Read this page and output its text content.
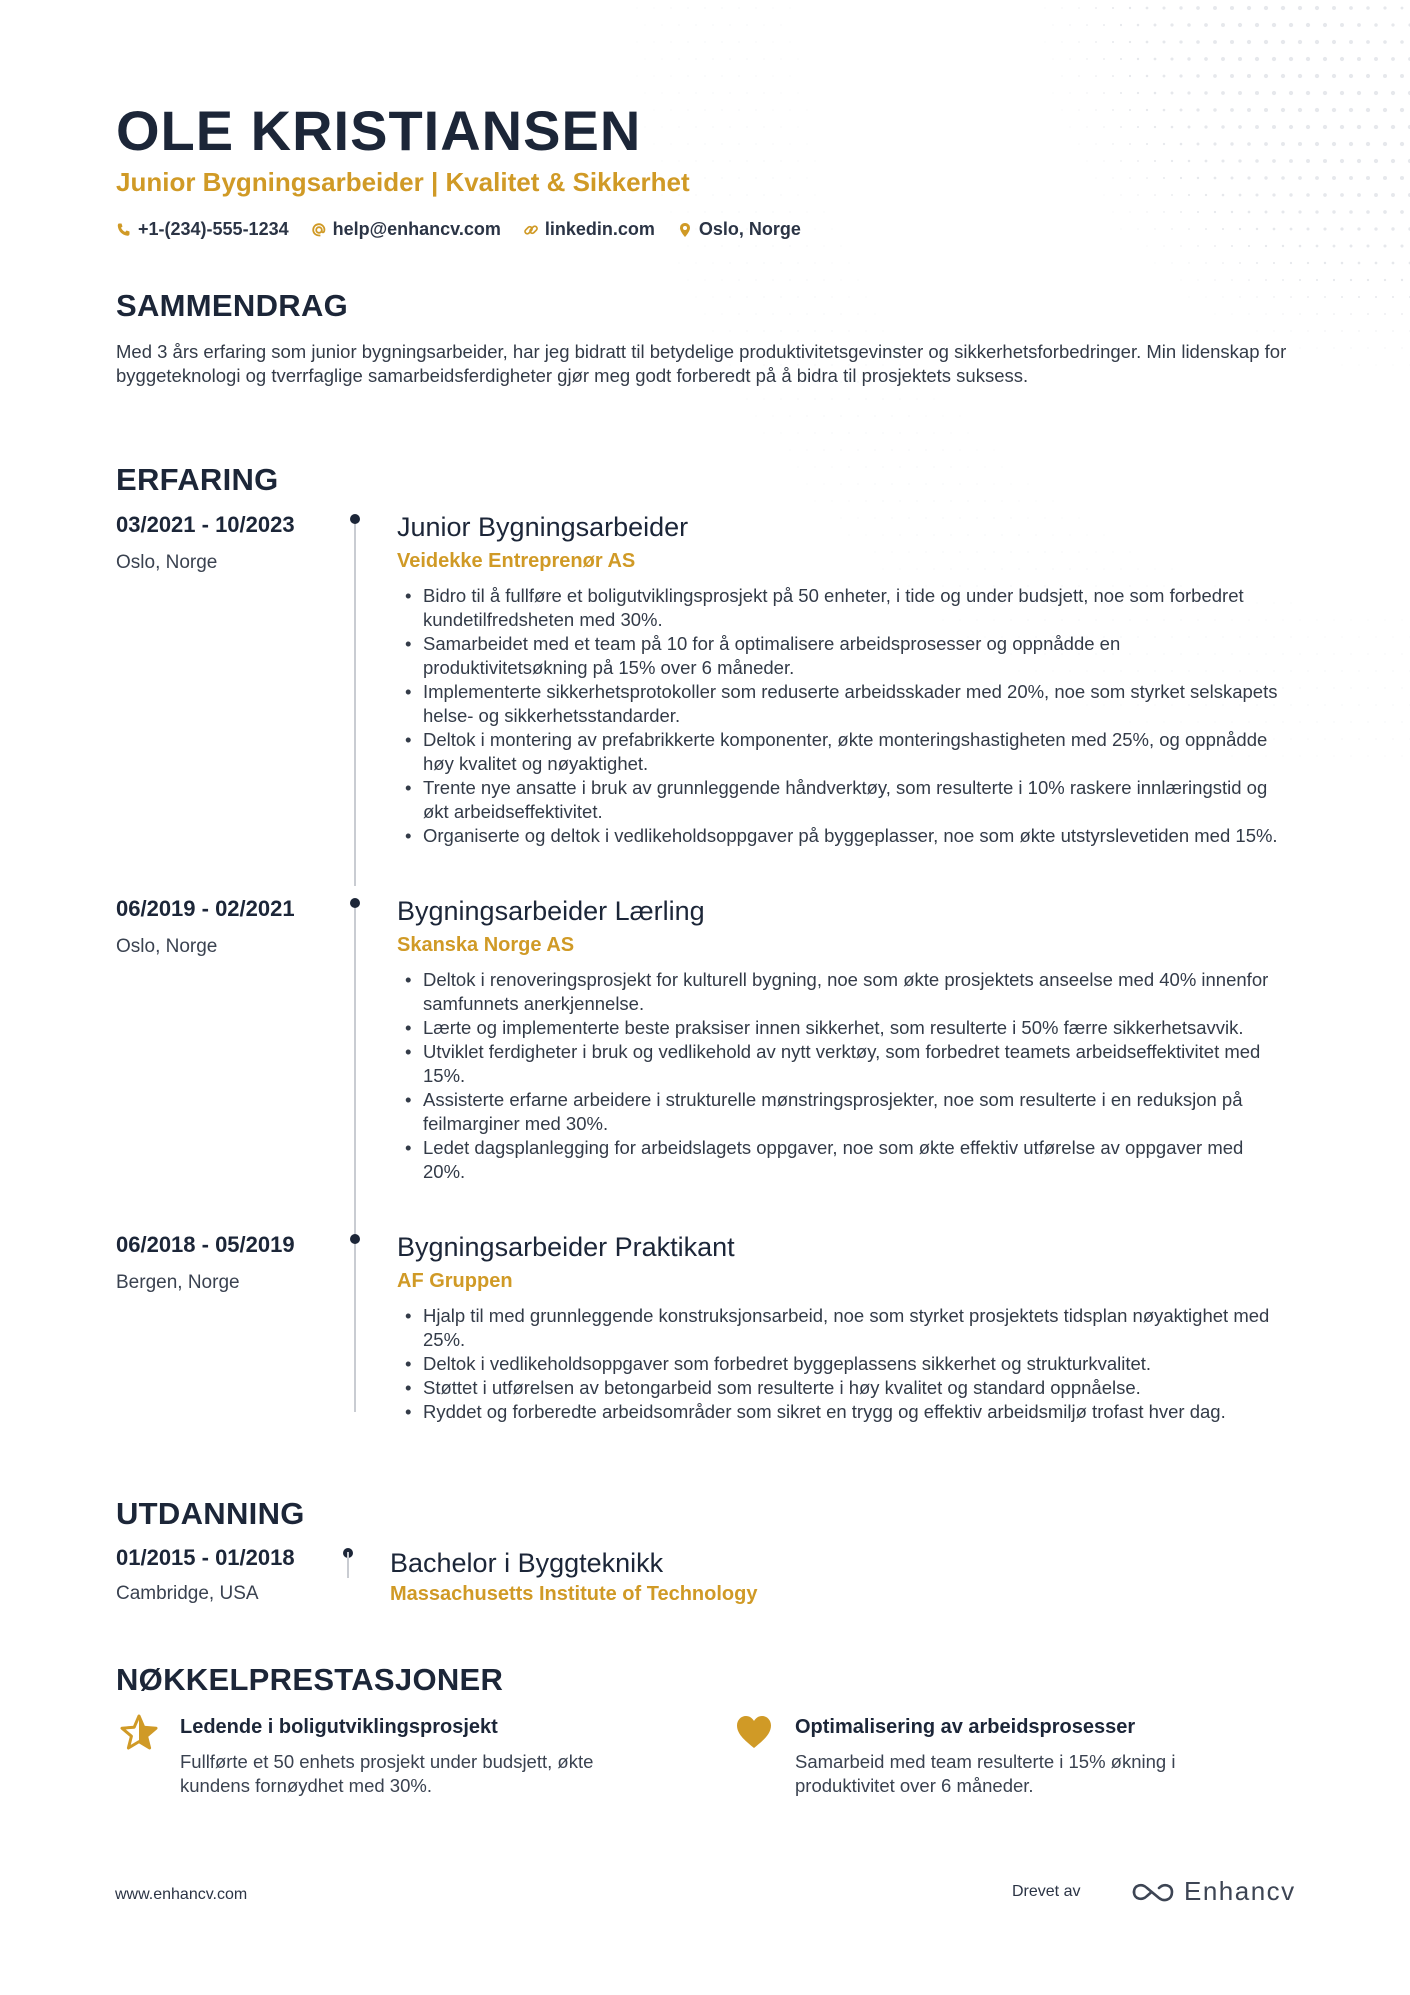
OLE KRISTIANSEN
Junior Bygningsarbeider | Kvalitet & Sikkerhet
+1-(234)-555-1234 help@enhancv.com linkedin.com Oslo, Norge
SAMMENDRAG
Med 3 års erfaring som junior bygningsarbeider, har jeg bidratt til betydelige produktivitetsgevinster og sikkerhetsforbedringer. Min lidenskap for byggeteknologi og tverrfaglige samarbeidsferdigheter gjør meg godt forberedt på å bidra til prosjektets suksess.
ERFARING
03/2021 - 10/2023
Oslo, Norge
Junior Bygningsarbeider
Veidekke Entreprenør AS
• Bidro til å fullføre et boligutviklingsprosjekt på 50 enheter, i tide og under budsjett, noe som forbedret kundetilfredsheten med 30%.
• Samarbeidet med et team på 10 for å optimalisere arbeidsprosesser og oppnådde en produktivitetsøkning på 15% over 6 måneder.
• Implementerte sikkerhetsprotokoller som reduserte arbeidsskader med 20%, noe som styrket selskapets helse- og sikkerhetsstandarder.
• Deltok i montering av prefabrikkerte komponenter, økte monteringshastigheten med 25%, og oppnådde høy kvalitet og nøyaktighet.
• Trente nye ansatte i bruk av grunnleggende håndverktøy, som resulterte i 10% raskere innlæringstid og økt arbeidseffektivitet.
• Organiserte og deltok i vedlikeholdsoppgaver på byggeplasser, noe som økte utstyrslevetiden med 15%.
06/2019 - 02/2021
Oslo, Norge
Bygningsarbeider Lærling
Skanska Norge AS
• Deltok i renoveringsprosjekt for kulturell bygning, noe som økte prosjektets anseelse med 40% innenfor samfunnets anerkjennelse.
• Lærte og implementerte beste praksiser innen sikkerhet, som resulterte i 50% færre sikkerhetsavvik.
• Utviklet ferdigheter i bruk og vedlikehold av nytt verktøy, som forbedret teamets arbeidseffektivitet med 15%.
• Assisterte erfarne arbeidere i strukturelle mønstringsprosjekter, noe som resulterte i en reduksjon på feilmarginer med 30%.
• Ledet dagsplanlegging for arbeidslagets oppgaver, noe som økte effektiv utførelse av oppgaver med 20%.
06/2018 - 05/2019
Bergen, Norge
Bygningsarbeider Praktikant
AF Gruppen
• Hjalp til med grunnleggende konstruksjonsarbeid, noe som styrket prosjektets tidsplan nøyaktighet med 25%.
• Deltok i vedlikeholdsoppgaver som forbedret byggeplassens sikkerhet og strukturkvalitet.
• Støttet i utførelsen av betongarbeid som resulterte i høy kvalitet og standard oppnåelse.
• Ryddet og forberedte arbeidsområder som sikret en trygg og effektiv arbeidsmiljø trofast hver dag.
UTDANNING
01/2015 - 01/2018
Cambridge, USA
Bachelor i Byggteknikk
Massachusetts Institute of Technology
NØKKELPRESTASJONER
Ledende i boligutviklingsprosjekt
Fullførte et 50 enhets prosjekt under budsjett, økte kundens fornøydhet med 30%.
Optimalisering av arbeidsprosesser
Samarbeid med team resulterte i 15% økning i produktivitet over 6 måneder.
www.enhancv.com	Drevet av	Enhancv
